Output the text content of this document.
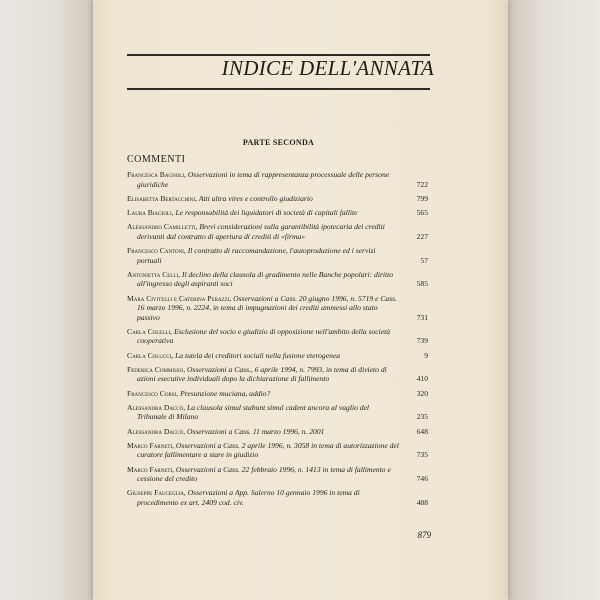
INDICE DELL'ANNATA
PARTE SECONDA
COMMENTI
Francesca Bagnoli, Osservazioni in tema di rappresentanza processuale delle persone giuridiche	722
Elisabetta Bertacchini, Atti ultra vires e controllo giudiziario	799
Laura Biagioli, Le responsabilità dei liquidatori di società di capitali fallite	565
Alessandro Camilletti, Brevi considerazioni sulla garantibilità ipotecaria dei crediti derivanti dal contratto di apertura di crediti di «firma»	227
Francesco Cantoni, Il contratto di raccomandazione, l'autoproduzione ed i servizi portuali	57
Antonietta Celli, Il declino della clausola di gradimento nelle Banche popolari: diritto all'ingresso degli aspiranti soci	585
Mara Civitelli e Caterina Perazzi, Osservazioni a Cass. 20 giugno 1996, n. 5719 e Cass. 16 marzo 1996, n. 2224, in tema di impugnazioni dei crediti ammessi allo stato passivo	731
Carla Colelli, Esclusione del socio e giudizio di opposizione nell'ambito della società cooperativa	739
Carla Colucci, La tutela dei creditori sociali nella fusione eterogenea	9
Federica Commisso, Osservazioni a Cass., 6 aprile 1994, n. 7993, in tema di divieto di azioni esecutive individuali dopo la dichiarazione di fallimento	410
Francesco Corsi, Presunzione muciana, addio?	320
Alessandra Daccò, La clausola simul stabunt simul cadent ancora al vaglio del Tribunale di Milano	235
Alessandra Daccò, Osservazioni a Cass. 11 marzo 1996, n. 2001	648
Marco Farneti, Osservazioni a Cass. 2 aprile 1996, n. 3058 in tema di autorizzazione del curatore fallimentare a stare in giudizio	735
Marco Farneti, Osservazioni a Cass. 22 febbraio 1996, n. 1413 in tema di fallimento e cessione del credito	746
Giuseppe Fauceglia, Osservazioni a App. Salerno 10 gennaio 1996 in tema di procedimento ex art. 2409 cod. civ.	488
879
